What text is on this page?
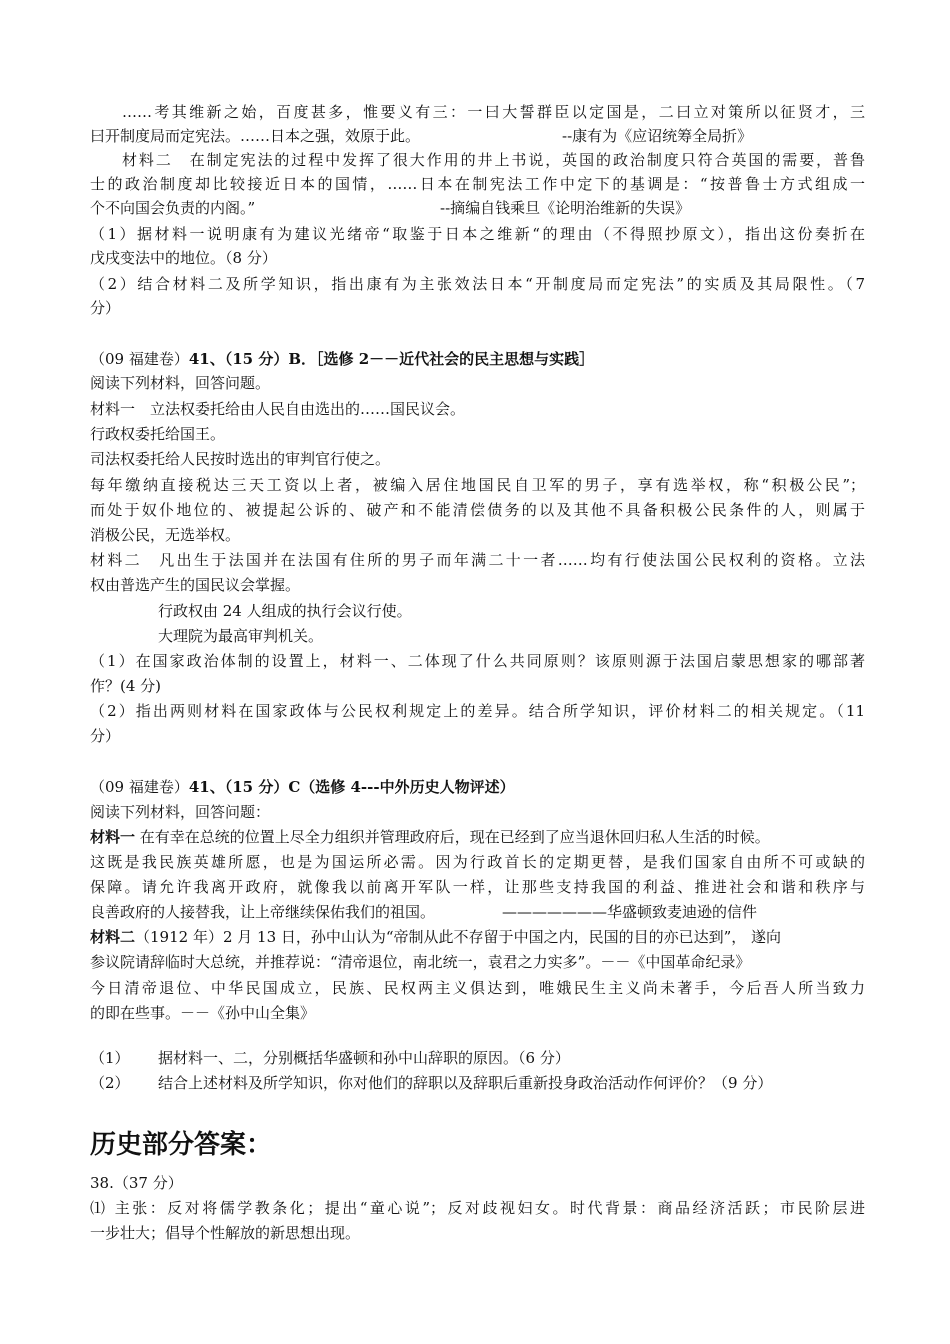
……考其维新之始，百度甚多，惟要义有三：一曰大誓群臣以定国是，二曰立对策所以征贤才，三
曰开制度局而定宪法。……日本之强，效原于此。	--康有为《应诏统筹全局折》
材料二　在制定宪法的过程中发挥了很大作用的井上书说，英国的政治制度只符合英国的需要，普鲁
士的政治制度却比较接近日本的国情，……日本在制宪法工作中定下的基调是：“按普鲁士方式组成一
个不向国会负责的内阁。”	--摘编自钱乘旦《论明治维新的失误》
（1）据材料一说明康有为建议光绪帝“取鉴于日本之维新“的理由（不得照抄原文），指出这份奏折在
戊戌变法中的地位。（8 分）
（2）结合材料二及所学知识，指出康有为主张效法日本“开制度局而定宪法”的实质及其局限性。（7
分）
（09 福建卷）41、（15 分）B．［选修 2－－近代社会的民主思想与实践］
阅读下列材料，回答问题。
材料一　立法权委托给由人民自由选出的……国民议会。
行政权委托给国王。
司法权委托给人民按时选出的审判官行使之。
每年缴纳直接税达三天工资以上者，被编入居住地国民自卫军的男子，享有选举权，称“积极公民”；
而处于奴仆地位的、被提起公诉的、破产和不能清偿债务的以及其他不具备积极公民条件的人，则属于
消极公民，无选举权。
材料二　凡出生于法国并在法国有住所的男子而年满二十一者……均有行使法国公民权利的资格。立法
权由普选产生的国民议会掌握。
行政权由 24 人组成的执行会议行使。
大理院为最高审判机关。
（1）在国家政治体制的设置上，材料一、二体现了什么共同原则？该原则源于法国启蒙思想家的哪部著
作？(4 分)
（2）指出两则材料在国家政体与公民权利规定上的差异。结合所学知识，评价材料二的相关规定。（11
分）
（09 福建卷）41、（15 分）C（选修 4---中外历史人物评述）
阅读下列材料，回答问题：
材料一 在有幸在总统的位置上尽全力组织并管理政府后，现在已经到了应当退休回归私人生活的时候。
这既是我民族英雄所愿，也是为国运所必需。因为行政首长的定期更替，是我们国家自由所不可或缺的
保障。请允许我离开政府，就像我以前离开军队一样，让那些支持我国的利益、推进社会和谐和秩序与
良善政府的人接替我，让上帝继续保佑我们的祖国。	———————华盛顿致麦迪逊的信件
材料二（1912 年）2 月 13 日，孙中山认为“帝制从此不存留于中国之内，民国的目的亦已达到”， 遂向
参议院请辞临时大总统，并推荐说：“清帝退位，南北统一，袁君之力实多”。－－《中国革命纪录》
今日清帝退位、中华民国成立，民族、民权两主义俱达到，唯娥民生主义尚未著手，今后吾人所当致力
的即在些事。－－《孙中山全集》
（1） 据材料一、二，分别概括华盛顿和孙中山辞职的原因。（6 分）
（2） 结合上述材料及所学知识，你对他们的辞职以及辞职后重新投身政治活动作何评价？（9 分）
历史部分答案：
38.（37 分）
⑴ 主张：反对将儒学教条化；提出“童心说”；反对歧视妇女。时代背景：商品经济活跃；市民阶层进
一步壮大；倡导个性解放的新思想出现。
